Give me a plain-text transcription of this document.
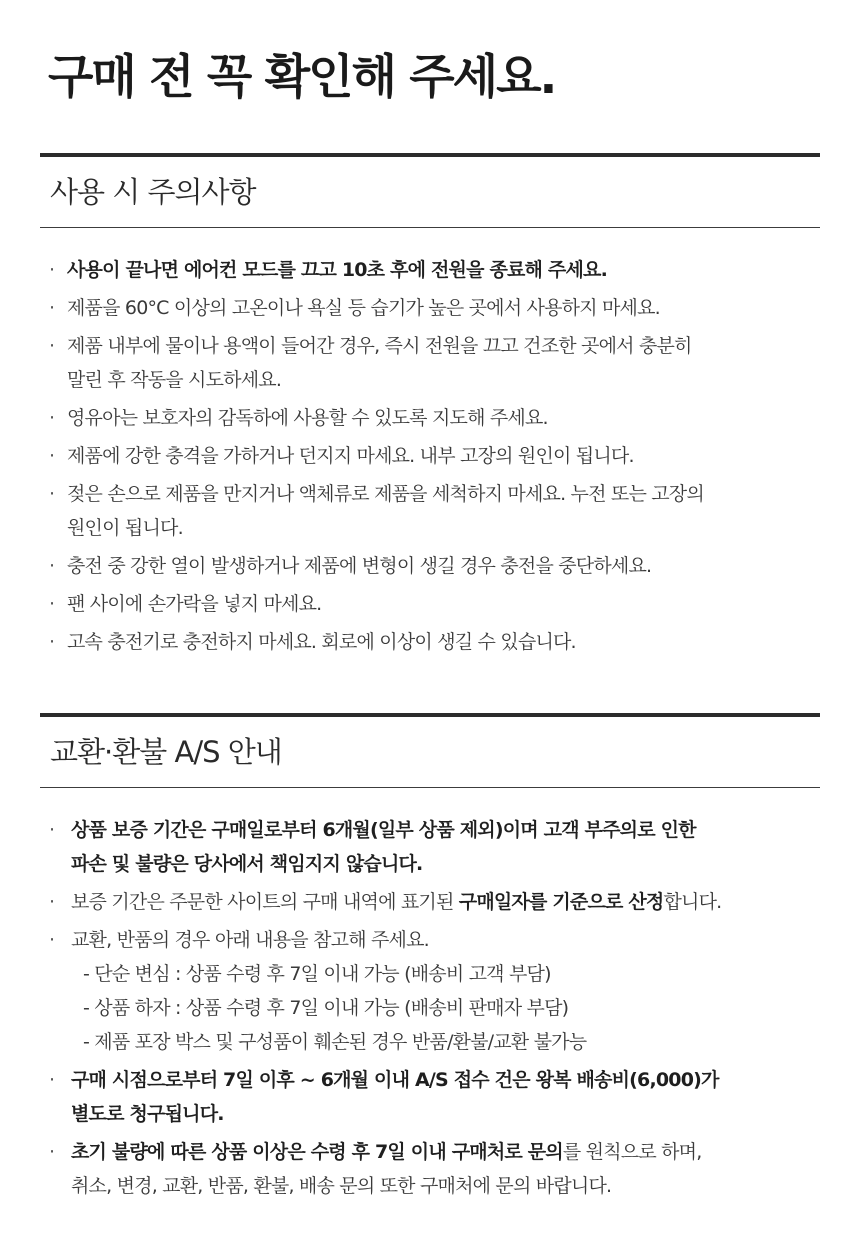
구매 전 꼭 확인해 주세요.
사용 시 주의사항
· 사용이 끝나면 에어컨 모드를 끄고 10초 후에 전원을 종료해 주세요.
· 제품을 60°C 이상의 고온이나 욕실 등 습기가 높은 곳에서 사용하지 마세요.
· 제품 내부에 물이나 용액이 들어간 경우, 즉시 전원을 끄고 건조한 곳에서 충분히
말린 후 작동을 시도하세요.
· 영유아는 보호자의 감독하에 사용할 수 있도록 지도해 주세요.
· 제품에 강한 충격을 가하거나 던지지 마세요. 내부 고장의 원인이 됩니다.
· 젖은 손으로 제품을 만지거나 액체류로 제품을 세척하지 마세요. 누전 또는 고장의
원인이 됩니다.
· 충전 중 강한 열이 발생하거나 제품에 변형이 생길 경우 충전을 중단하세요.
· 팬 사이에 손가락을 넣지 마세요.
· 고속 충전기로 충전하지 마세요. 회로에 이상이 생길 수 있습니다.
교환·환불 A/S 안내
· 상품 보증 기간은 구매일로부터 6개월(일부 상품 제외)이며 고객 부주의로 인한
파손 및 불량은 당사에서 책임지지 않습니다.
· 보증 기간은 주문한 사이트의 구매 내역에 표기된 구매일자를 기준으로 산정합니다.
· 교환, 반품의 경우 아래 내용을 참고해 주세요.
- 단순 변심 : 상품 수령 후 7일 이내 가능 (배송비 고객 부담)
- 상품 하자 : 상품 수령 후 7일 이내 가능 (배송비 판매자 부담)
- 제품 포장 박스 및 구성품이 훼손된 경우 반품/환불/교환 불가능
· 구매 시점으로부터 7일 이후 ~ 6개월 이내 A/S 접수 건은 왕복 배송비(6,000)가
별도로 청구됩니다.
· 초기 불량에 따른 상품 이상은 수령 후 7일 이내 구매처로 문의를 원칙으로 하며,
취소, 변경, 교환, 반품, 환불, 배송 문의 또한 구매처에 문의 바랍니다.
